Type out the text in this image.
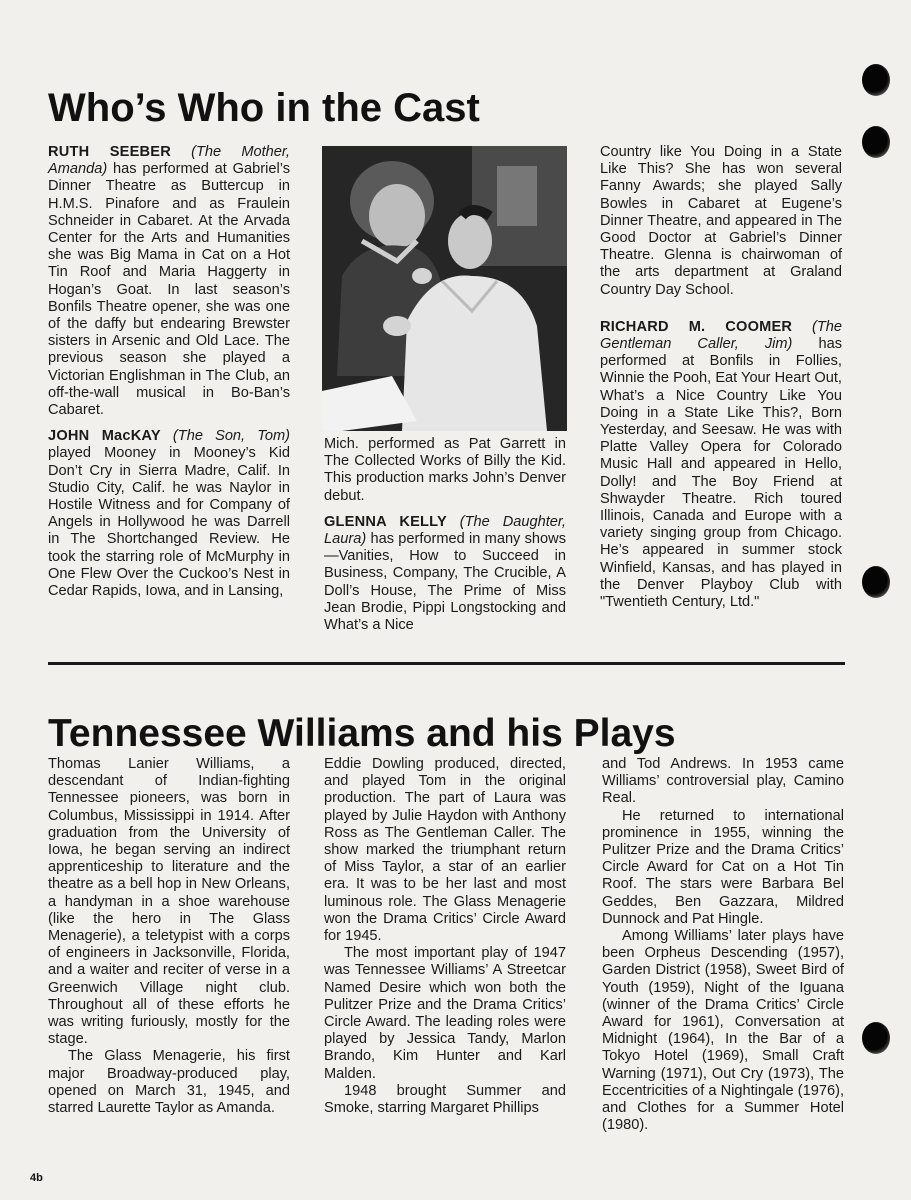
Who’s Who in the Cast

RUTH SEEBER (The Mother, Amanda) has performed at Gabriel’s Dinner Theatre as Buttercup in H.M.S. Pinafore and as Fraulein Schneider in Cabaret. At the Arvada Center for the Arts and Humanities she was Big Mama in Cat on a Hot Tin Roof and Maria Haggerty in Hogan’s Goat. In last season’s Bonfils Theatre opener, she was one of the daffy but endearing Brewster sisters in Arsenic and Old Lace. The previous season she played a Victorian Englishman in The Club, an off-the-wall musical in Bo-Ban’s Cabaret.

JOHN MacKAY (The Son, Tom) played Mooney in Mooney’s Kid Don’t Cry in Sierra Madre, Calif. In Studio City, Calif. he was Naylor in Hostile Witness and for Company of Angels in Hollywood he was Darrell in The Shortchanged Review. He took the starring role of McMurphy in One Flew Over the Cuckoo’s Nest in Cedar Rapids, Iowa, and in Lansing,

Mich. performed as Pat Garrett in The Collected Works of Billy the Kid. This production marks John’s Denver debut.

GLENNA KELLY (The Daughter, Laura) has performed in many shows—Vanities, How to Succeed in Business, Company, The Crucible, A Doll’s House, The Prime of Miss Jean Brodie, Pippi Longstocking and What’s a Nice

Country like You Doing in a State Like This? She has won several Fanny Awards; she played Sally Bowles in Cabaret at Eugene’s Dinner Theatre, and appeared in The Good Doctor at Gabriel’s Dinner Theatre. Glenna is chairwoman of the arts department at Graland Country Day School.

RICHARD M. COOMER (The Gentleman Caller, Jim) has performed at Bonfils in Follies, Winnie the Pooh, Eat Your Heart Out, What’s a Nice Country Like You Doing in a State Like This?, Born Yesterday, and Seesaw. He was with Platte Valley Opera for Colorado Music Hall and appeared in Hello, Dolly! and The Boy Friend at Shwayder Theatre. Rich toured Illinois, Canada and Europe with a variety singing group from Chicago. He’s appeared in summer stock Winfield, Kansas, and has played in the Denver Playboy Club with "Twentieth Century, Ltd."

Tennessee Williams and his Plays

Thomas Lanier Williams, a descendant of Indian-fighting Tennessee pioneers, was born in Columbus, Mississippi in 1914. After graduation from the University of Iowa, he began serving an indirect apprenticeship to literature and the theatre as a bell hop in New Orleans, a handyman in a shoe warehouse (like the hero in The Glass Menagerie), a teletypist with a corps of engineers in Jacksonville, Florida, and a waiter and reciter of verse in a Greenwich Village night club. Throughout all of these efforts he was writing furiously, mostly for the stage.

The Glass Menagerie, his first major Broadway-produced play, opened on March 31, 1945, and starred Laurette Taylor as Amanda.

Eddie Dowling produced, directed, and played Tom in the original production. The part of Laura was played by Julie Haydon with Anthony Ross as The Gentleman Caller. The show marked the triumphant return of Miss Taylor, a star of an earlier era. It was to be her last and most luminous role. The Glass Menagerie won the Drama Critics’ Circle Award for 1945.

The most important play of 1947 was Tennessee Williams’ A Streetcar Named Desire which won both the Pulitzer Prize and the Drama Critics’ Circle Award. The leading roles were played by Jessica Tandy, Marlon Brando, Kim Hunter and Karl Malden.

1948 brought Summer and Smoke, starring Margaret Phillips

and Tod Andrews. In 1953 came Williams’ controversial play, Camino Real.

He returned to international prominence in 1955, winning the Pulitzer Prize and the Drama Critics’ Circle Award for Cat on a Hot Tin Roof. The stars were Barbara Bel Geddes, Ben Gazzara, Mildred Dunnock and Pat Hingle.

Among Williams’ later plays have been Orpheus Descending (1957), Garden District (1958), Sweet Bird of Youth (1959), Night of the Iguana (winner of the Drama Critics’ Circle Award for 1961), Conversation at Midnight (1964), In the Bar of a Tokyo Hotel (1969), Small Craft Warning (1971), Out Cry (1973), The Eccentricities of a Nightingale (1976), and Clothes for a Summer Hotel (1980).

4b
